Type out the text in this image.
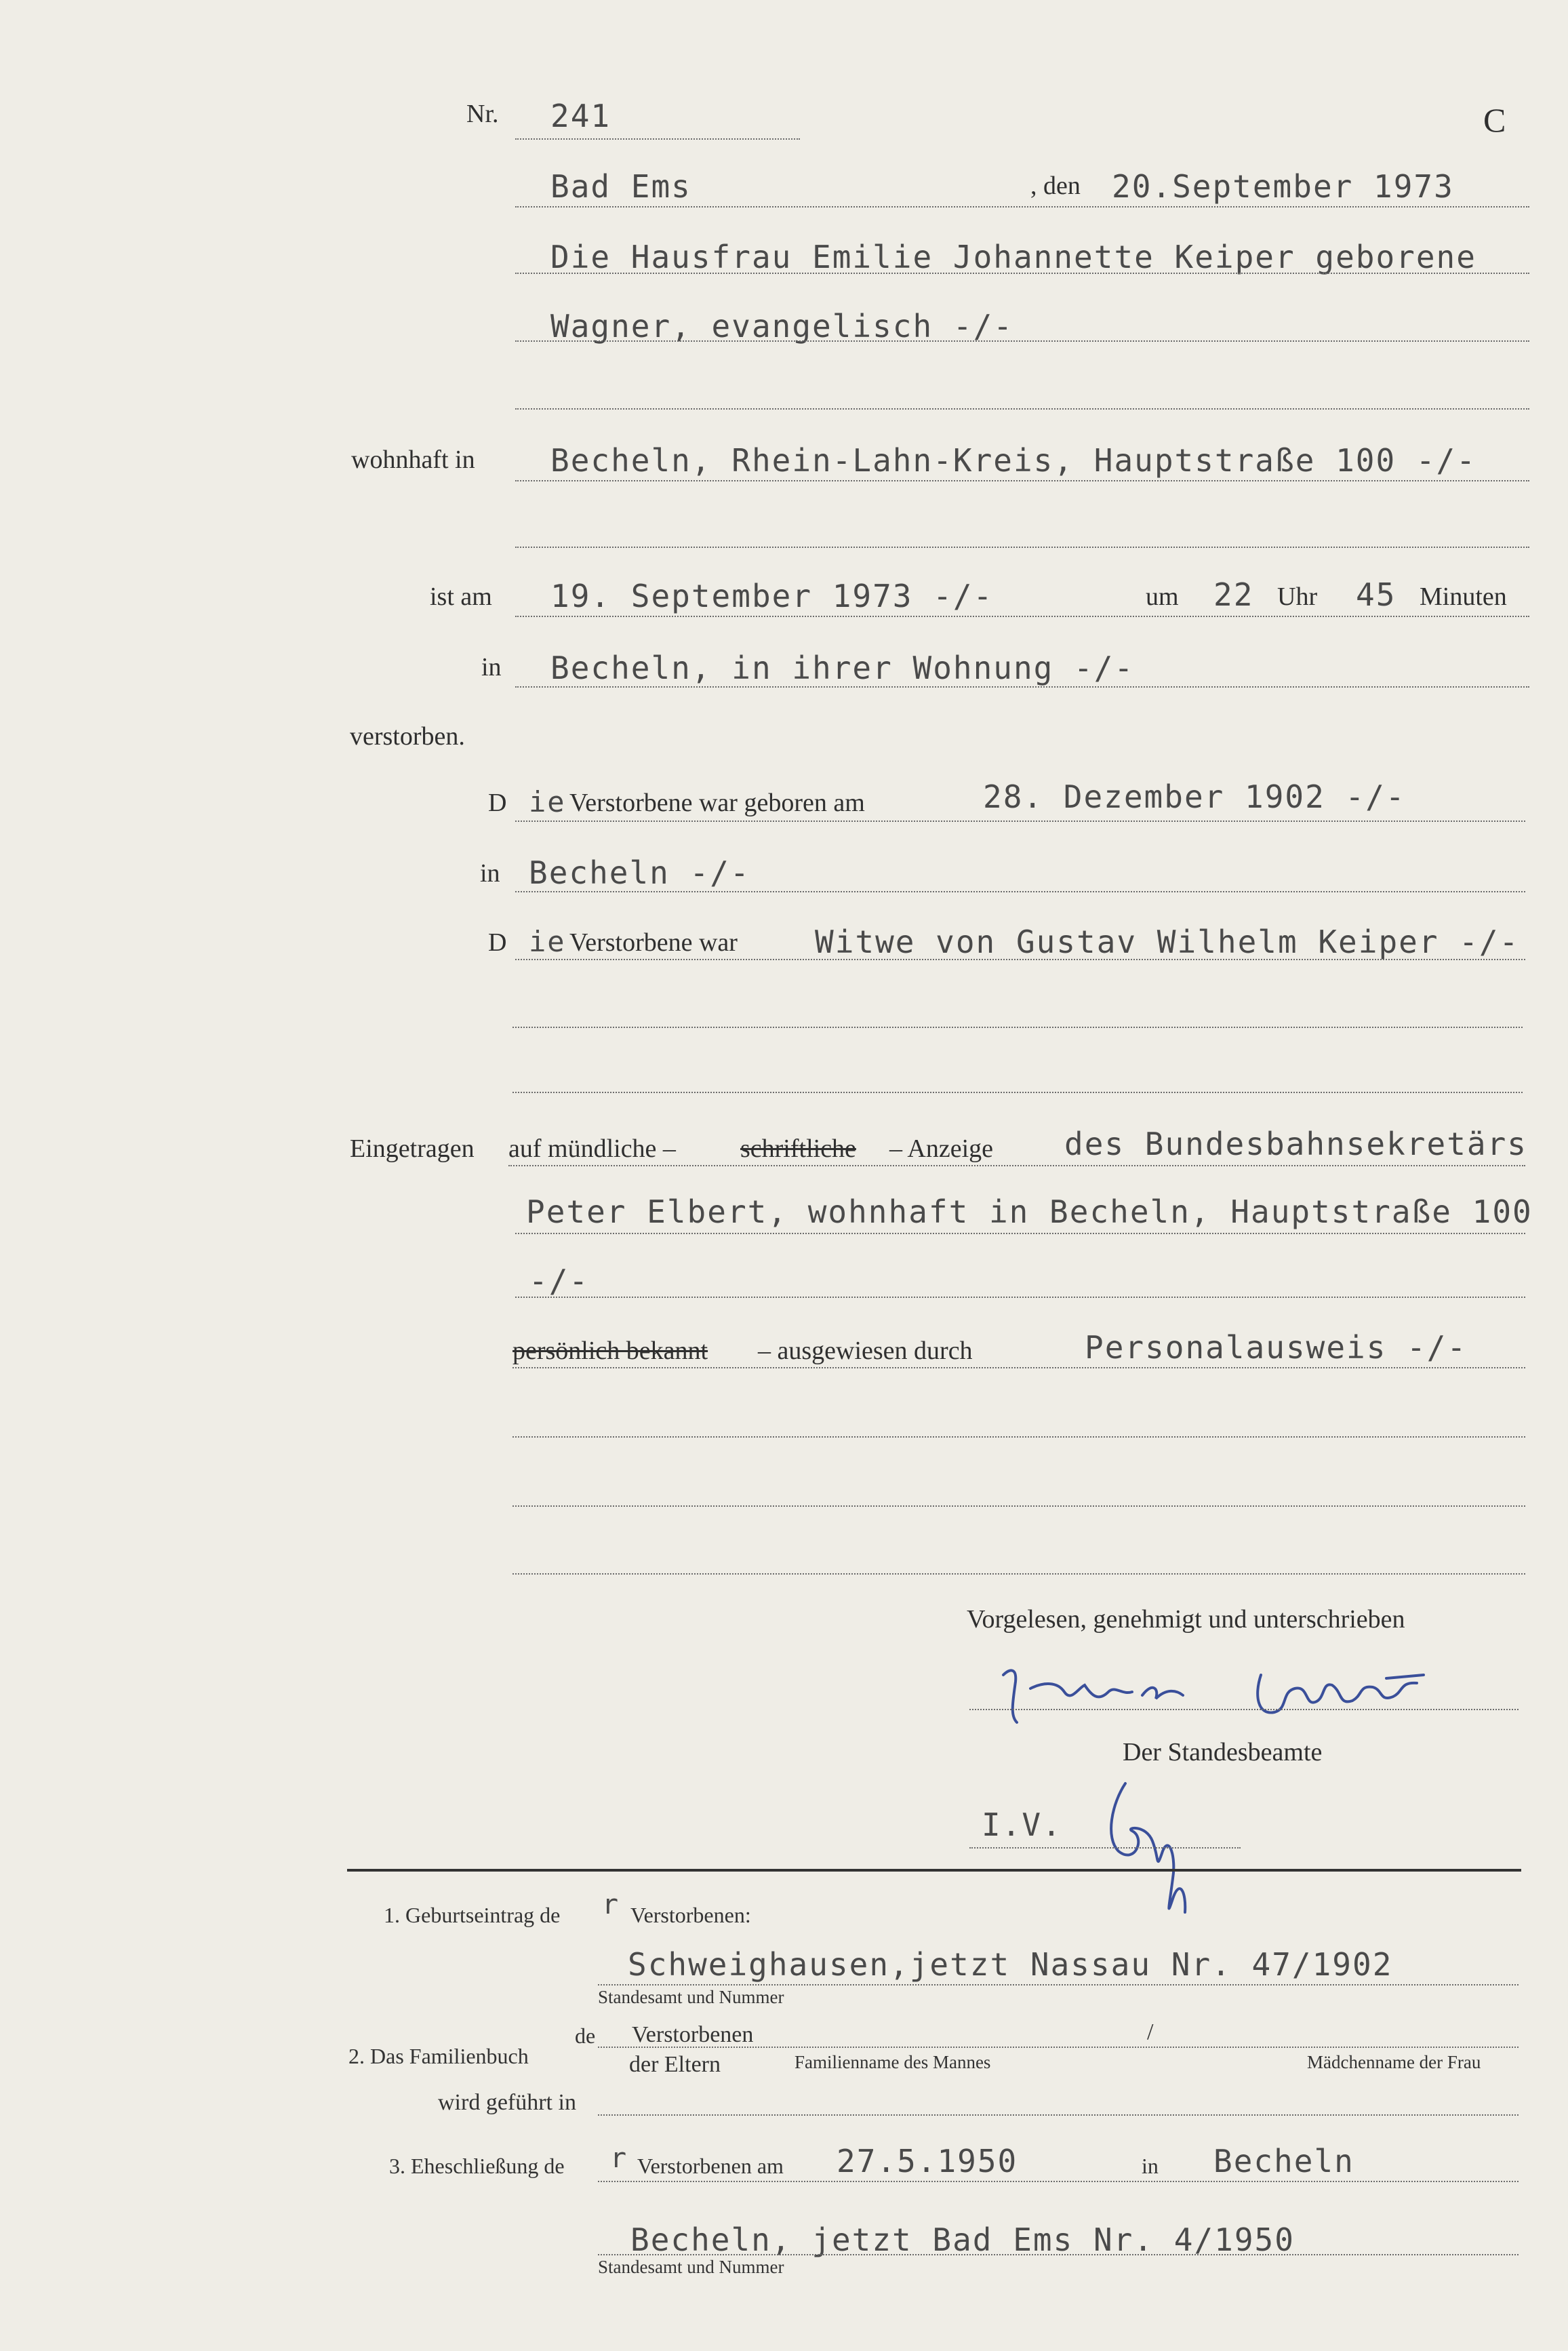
Nr. 241	C
Bad Ems	, den 20.September 1973
Die Hausfrau Emilie Johannette Keiper geborene
Wagner, evangelisch -/-
wohnhaft in Becheln, Rhein-Lahn-Kreis, Hauptstraße 100 -/-
ist am 19. September 1973 -/-	um 22 Uhr 45 Minuten
in Becheln, in ihrer Wohnung -/-
verstorben.
D ie Verstorbene war geboren am	28. Dezember 1902 -/-
in Becheln -/-
D ie Verstorbene war Witwe von Gustav Wilhelm Keiper -/-
Eingetragen auf mündliche –	schriftliche – Anzeige des Bundesbahnsekretärs
Peter Elbert, wohnhaft in Becheln, Hauptstraße 100
-/-
persönlich bekannt – ausgewiesen durch	Personalausweis -/-
Vorgelesen, genehmigt und unterschrieben
Der Standesbeamte
I.V.
1. Geburtseintrag de r Verstorbenen:
Schweighausen,jetzt Nassau Nr. 47/1902
Standesamt und Nummer
2. Das Familienbuch
de Verstorbenen	/
der Eltern	Familienname des Mannes	Mädchenname der Frau
wird geführt in
3. Eheschließung de r Verstorbenen am 27.5.1950	in Becheln
Becheln, jetzt Bad Ems Nr. 4/1950
Standesamt und Nummer
